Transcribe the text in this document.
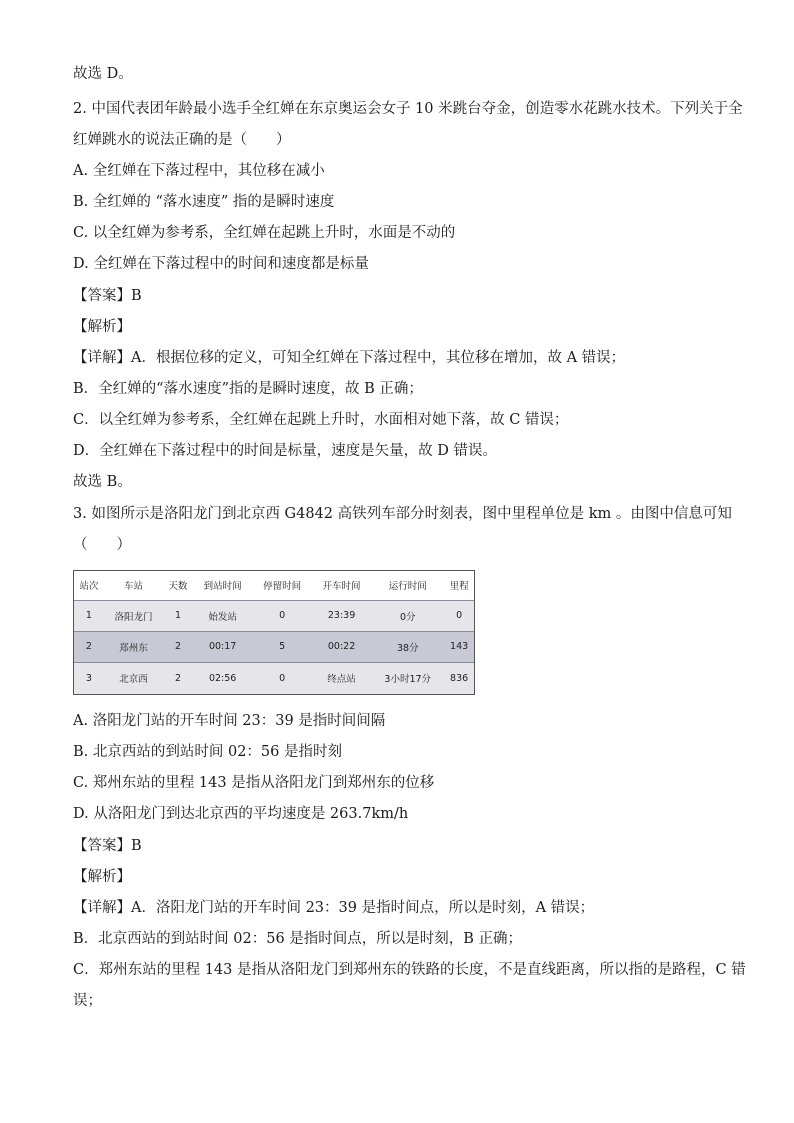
故选 D。
2. 中国代表团年龄最小选手全红婵在东京奥运会女子 10 米跳台夺金，创造零水花跳水技术。下列关于全
红婵跳水的说法正确的是（　　）
A. 全红婵在下落过程中，其位移在减小
B. 全红婵的 “落水速度” 指的是瞬时速度
C. 以全红婵为参考系，全红婵在起跳上升时，水面是不动的
D. 全红婵在下落过程中的时间和速度都是标量
【答案】B
【解析】
【详解】A．根据位移的定义，可知全红婵在下落过程中，其位移在增加，故 A 错误；
B．全红婵的“落水速度”指的是瞬时速度，故 B 正确；
C．以全红婵为参考系，全红婵在起跳上升时，水面相对她下落，故 C 错误；
D．全红婵在下落过程中的时间是标量，速度是矢量，故 D 错误。
故选 B。
3. 如图所示是洛阳龙门到北京西 G4842 高铁列车部分时刻表，图中里程单位是 km 。由图中信息可知
（　　）
站次	车站	天数	到站时间	停留时间	开车时间	运行时间	里程
1	洛阳龙门	1	始发站	0	23:39	0分	0
2	郑州东	2	00:17	5	00:22	38分	143
3	北京西	2	02:56	0	终点站	3小时17分	836
A. 洛阳龙门站的开车时间 23：39 是指时间间隔
B. 北京西站的到站时间 02：56 是指时刻
C. 郑州东站的里程 143 是指从洛阳龙门到郑州东的位移
D. 从洛阳龙门到达北京西的平均速度是 263.7km/h
【答案】B
【解析】
【详解】A．洛阳龙门站的开车时间 23：39 是指时间点，所以是时刻，A 错误；
B．北京西站的到站时间 02：56 是指时间点，所以是时刻，B 正确；
C．郑州东站的里程 143 是指从洛阳龙门到郑州东的铁路的长度，不是直线距离，所以指的是路程，C 错
误；
